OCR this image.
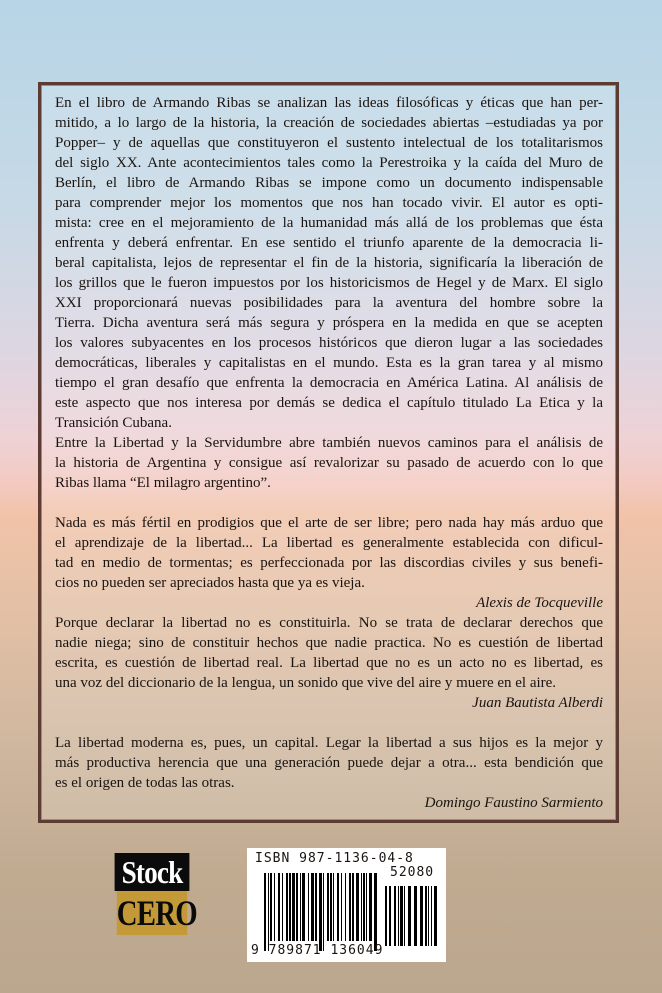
En el libro de Armando Ribas se analizan las ideas filosóficas y éticas que han per-
mitido, a lo largo de la historia, la creación de sociedades abiertas –estudiadas ya por
Popper– y de aquellas que constituyeron el sustento intelectual de los totalitarismos
del siglo XX. Ante acontecimientos tales como la Perestroika y la caída del Muro de
Berlín, el libro de Armando Ribas se impone como un documento indispensable
para comprender mejor los momentos que nos han tocado vivir. El autor es opti-
mista: cree en el mejoramiento de la humanidad más allá de los problemas que ésta
enfrenta y deberá enfrentar. En ese sentido el triunfo aparente de la democracia li-
beral capitalista, lejos de representar el fin de la historia, significaría la liberación de
los grillos que le fueron impuestos por los historicismos de Hegel y de Marx. El siglo
XXI proporcionará nuevas posibilidades para la aventura del hombre sobre la
Tierra. Dicha aventura será más segura y próspera en la medida en que se acepten
los valores subyacentes en los procesos históricos que dieron lugar a las sociedades
democráticas, liberales y capitalistas en el mundo. Esta es la gran tarea y al mismo
tiempo el gran desafío que enfrenta la democracia en América Latina. Al análisis de
este aspecto que nos interesa por demás se dedica el capítulo titulado La Etica y la
Transición Cubana.
Entre la Libertad y la Servidumbre abre también nuevos caminos para el análisis de
la historia de Argentina y consigue así revalorizar su pasado de acuerdo con lo que
Ribas llama “El milagro argentino”.
Nada es más fértil en prodigios que el arte de ser libre; pero nada hay más arduo que
el aprendizaje de la libertad... La libertad es generalmente establecida con dificul-
tad en medio de tormentas; es perfeccionada por las discordias civiles y sus benefi-
cios no pueden ser apreciados hasta que ya es vieja.
Alexis de Tocqueville
Porque declarar la libertad no es constituirla. No se trata de declarar derechos que
nadie niega; sino de constituir hechos que nadie practica. No es cuestión de libertad
escrita, es cuestión de libertad real. La libertad que no es un acto no es libertad, es
una voz del diccionario de la lengua, un sonido que vive del aire y muere en el aire.
Juan Bautista Alberdi
La libertad moderna es, pues, un capital. Legar la libertad a sus hijos es la mejor y
más productiva herencia que una generación puede dejar a otra... esta bendición que
es el origen de todas las otras.
Domingo Faustino Sarmiento
Stock
CERO
ISBN 987-1136-04-8
52080
9 789871 136049
